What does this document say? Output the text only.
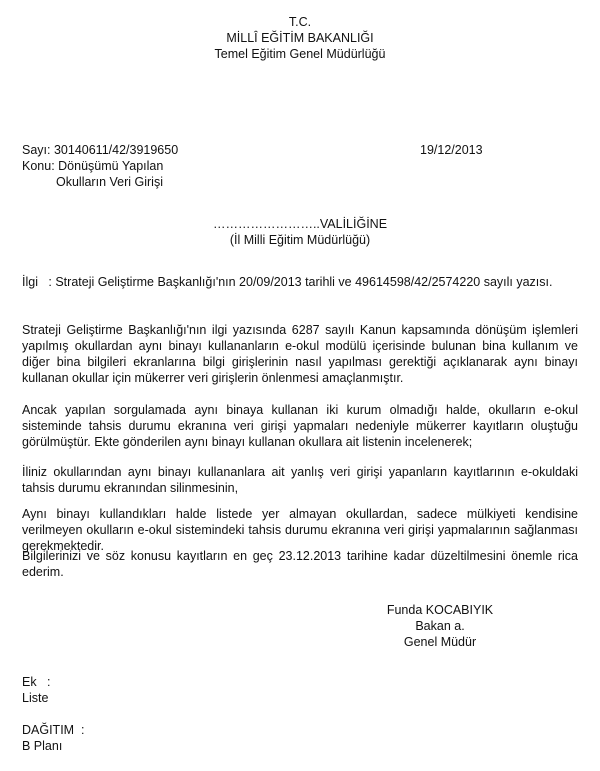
T.C.
MİLLÎ EĞİTİM BAKANLIĞI
Temel Eğitim Genel Müdürlüğü
Sayı: 30140611/42/3919650	19/12/2013
Konu: Dönüşümü Yapılan
Okulların Veri Girişi
……………………..VALİLİĞİNE
(İl Milli Eğitim Müdürlüğü)
İlgi   : Strateji Geliştirme Başkanlığı'nın 20/09/2013 tarihli ve 49614598/42/2574220 sayılı yazısı.
Strateji Geliştirme Başkanlığı'nın ilgi yazısında 6287 sayılı Kanun kapsamında dönüşüm işlemleri yapılmış okullardan aynı binayı kullananların e-okul modülü içerisinde bulunan bina kullanım ve diğer bina bilgileri ekranlarına bilgi girişlerinin nasıl yapılması gerektiği açıklanarak aynı binayı kullanan okullar için mükerrer veri girişlerin önlenmesi amaçlanmıştır.
Ancak yapılan sorgulamada aynı binaya kullanan iki kurum olmadığı halde, okulların e-okul sisteminde tahsis durumu ekranına veri girişi yapmaları nedeniyle mükerrer kayıtların oluştuğu görülmüştür. Ekte gönderilen aynı binayı kullanan okullara ait listenin incelenerek;
İliniz okullarından aynı binayı kullananlara ait yanlış veri girişi yapanların kayıtlarının e-okuldaki tahsis durumu ekranından silinmesinin,
Aynı binayı kullandıkları halde listede yer almayan okullardan, sadece mülkiyeti kendisine verilmeyen okulların e-okul sistemindeki tahsis durumu ekranına veri girişi yapmalarının sağlanması gerekmektedir.
Bilgilerinizi ve söz konusu kayıtların en geç 23.12.2013 tarihine kadar düzeltilmesini önemle rica ederim.
Funda KOCABIYIK
Bakan a.
Genel Müdür
Ek   :
Liste
DAĞITIM  :
B Planı
